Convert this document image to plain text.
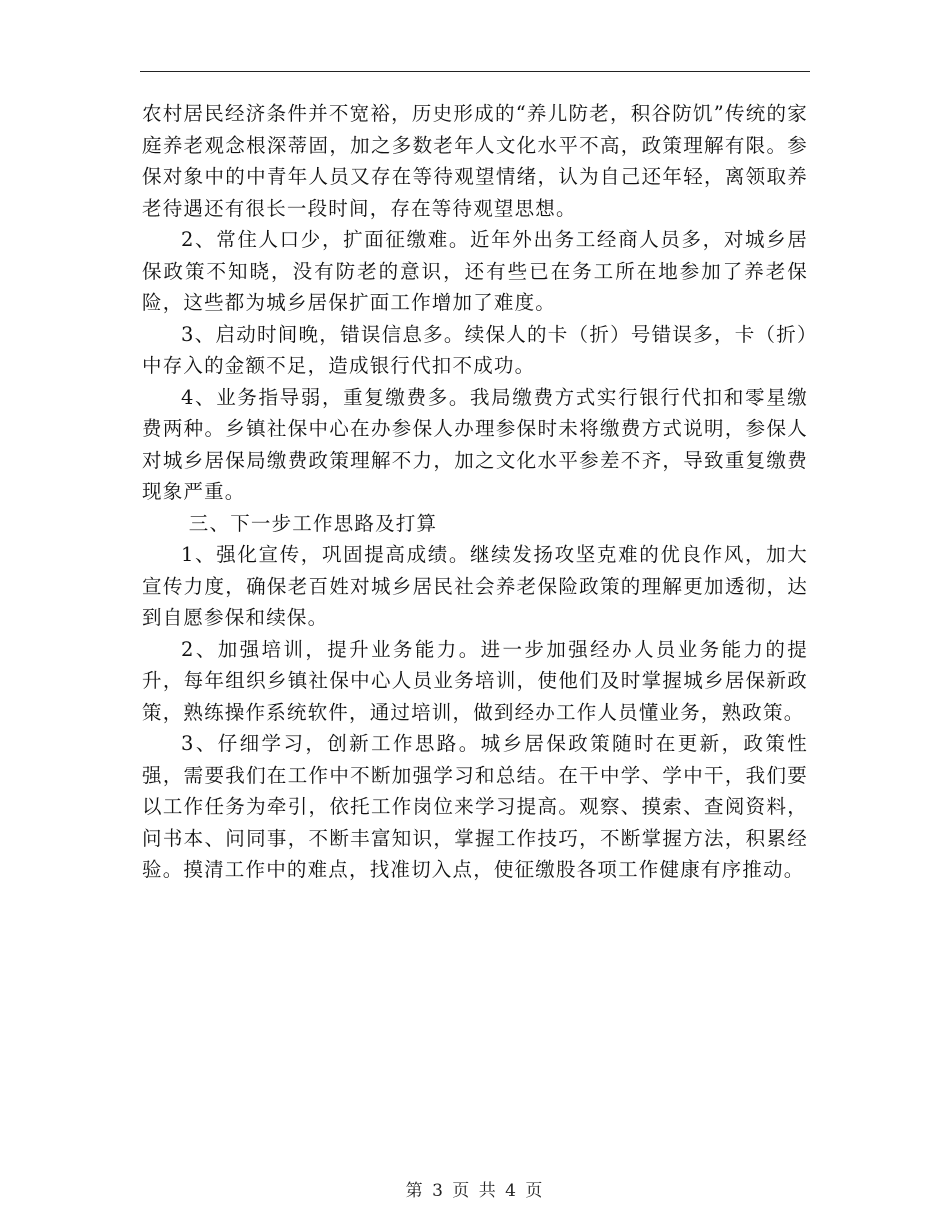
农村居民经济条件并不宽裕，历史形成的“养儿防老，积谷防饥”传统的家庭养老观念根深蒂固，加之多数老年人文化水平不高，政策理解有限。参保对象中的中青年人员又存在等待观望情绪，认为自己还年轻，离领取养老待遇还有很长一段时间，存在等待观望思想。

2、常住人口少，扩面征缴难。近年外出务工经商人员多，对城乡居保政策不知晓，没有防老的意识，还有些已在务工所在地参加了养老保险，这些都为城乡居保扩面工作增加了难度。

3、启动时间晚，错误信息多。续保人的卡（折）号错误多，卡（折）中存入的金额不足，造成银行代扣不成功。

4、业务指导弱，重复缴费多。我局缴费方式实行银行代扣和零星缴费两种。乡镇社保中心在办参保人办理参保时未将缴费方式说明，参保人对城乡居保局缴费政策理解不力，加之文化水平参差不齐，导致重复缴费现象严重。

三、下一步工作思路及打算

1、强化宣传，巩固提高成绩。继续发扬攻坚克难的优良作风，加大宣传力度，确保老百姓对城乡居民社会养老保险政策的理解更加透彻，达到自愿参保和续保。

2、加强培训，提升业务能力。进一步加强经办人员业务能力的提升，每年组织乡镇社保中心人员业务培训，使他们及时掌握城乡居保新政策，熟练操作系统软件，通过培训，做到经办工作人员懂业务，熟政策。

3、仔细学习，创新工作思路。城乡居保政策随时在更新，政策性强，需要我们在工作中不断加强学习和总结。在干中学、学中干，我们要以工作任务为牵引，依托工作岗位来学习提高。观察、摸索、查阅资料，问书本、问同事，不断丰富知识，掌握工作技巧，不断掌握方法，积累经验。摸清工作中的难点，找准切入点，使征缴股各项工作健康有序推动。

第 3 页 共 4 页
